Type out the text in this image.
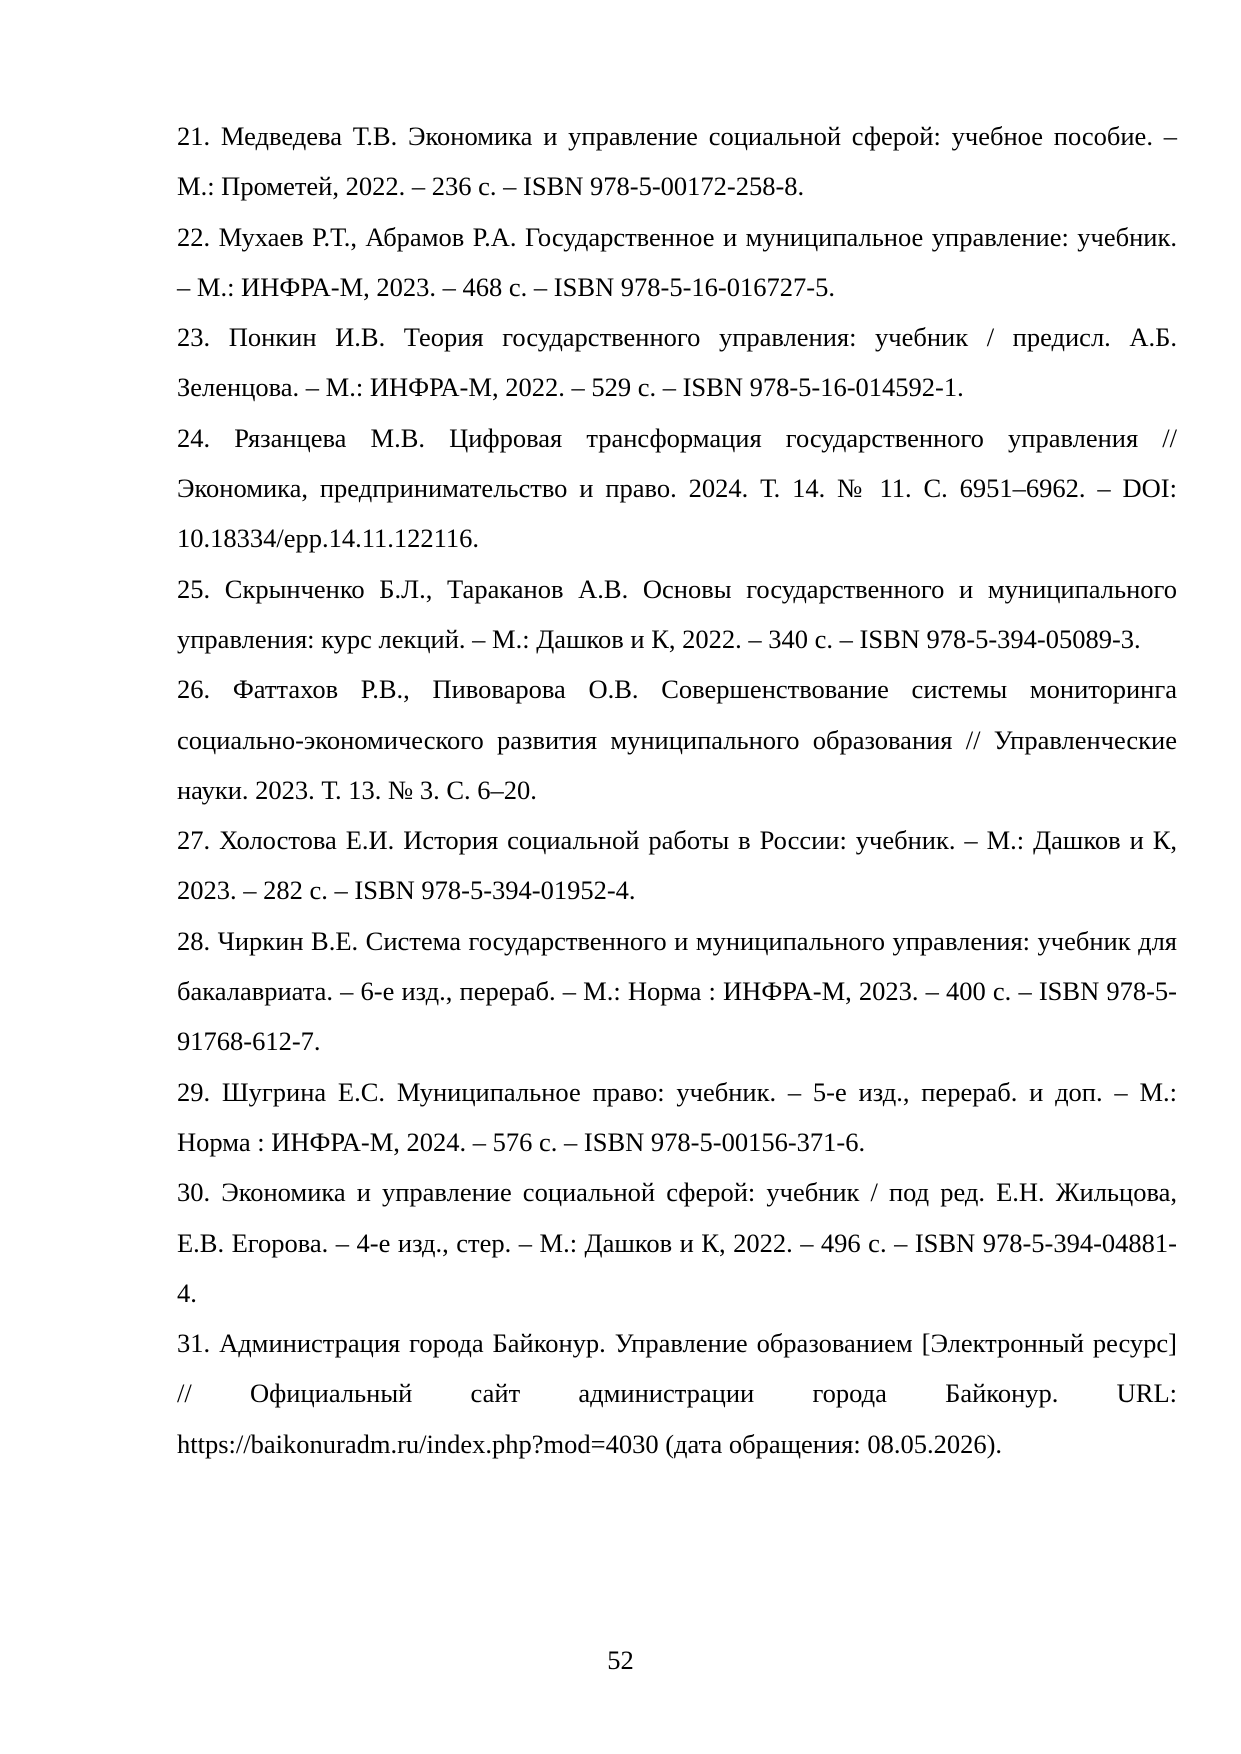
21. Медведева Т.В. Экономика и управление социальной сферой: учебное пособие. – М.: Прометей, 2022. – 236 с. – ISBN 978-5-00172-258-8.
22. Мухаев Р.Т., Абрамов Р.А. Государственное и муниципальное управление: учебник. – М.: ИНФРА-М, 2023. – 468 с. – ISBN 978-5-16-016727-5.
23. Понкин И.В. Теория государственного управления: учебник / предисл. А.Б. Зеленцова. – М.: ИНФРА-М, 2022. – 529 с. – ISBN 978-5-16-014592-1.
24. Рязанцева М.В. Цифровая трансформация государственного управления // Экономика, предпринимательство и право. 2024. Т. 14. № 11. С. 6951–6962. – DOI: 10.18334/epp.14.11.122116.
25. Скрынченко Б.Л., Тараканов А.В. Основы государственного и муниципального управления: курс лекций. – М.: Дашков и К, 2022. – 340 с. – ISBN 978-5-394-05089-3.
26. Фаттахов Р.В., Пивоварова О.В. Совершенствование системы мониторинга социально-экономического развития муниципального образования // Управленческие науки. 2023. Т. 13. № 3. С. 6–20.
27. Холостова Е.И. История социальной работы в России: учебник. – М.: Дашков и К, 2023. – 282 с. – ISBN 978-5-394-01952-4.
28. Чиркин В.Е. Система государственного и муниципального управления: учебник для бакалавриата. – 6-е изд., перераб. – М.: Норма : ИНФРА-М, 2023. – 400 с. – ISBN 978-5-91768-612-7.
29. Шугрина Е.С. Муниципальное право: учебник. – 5-е изд., перераб. и доп. – М.: Норма : ИНФРА-М, 2024. – 576 с. – ISBN 978-5-00156-371-6.
30. Экономика и управление социальной сферой: учебник / под ред. Е.Н. Жильцова, Е.В. Егорова. – 4-е изд., стер. – М.: Дашков и К, 2022. – 496 с. – ISBN 978-5-394-04881-4.
31. Администрация города Байконур. Управление образованием [Электронный ресурс] // Официальный сайт администрации города Байконур. URL: https://baikonuradm.ru/index.php?mod=4030 (дата обращения: 08.05.2026).
52
